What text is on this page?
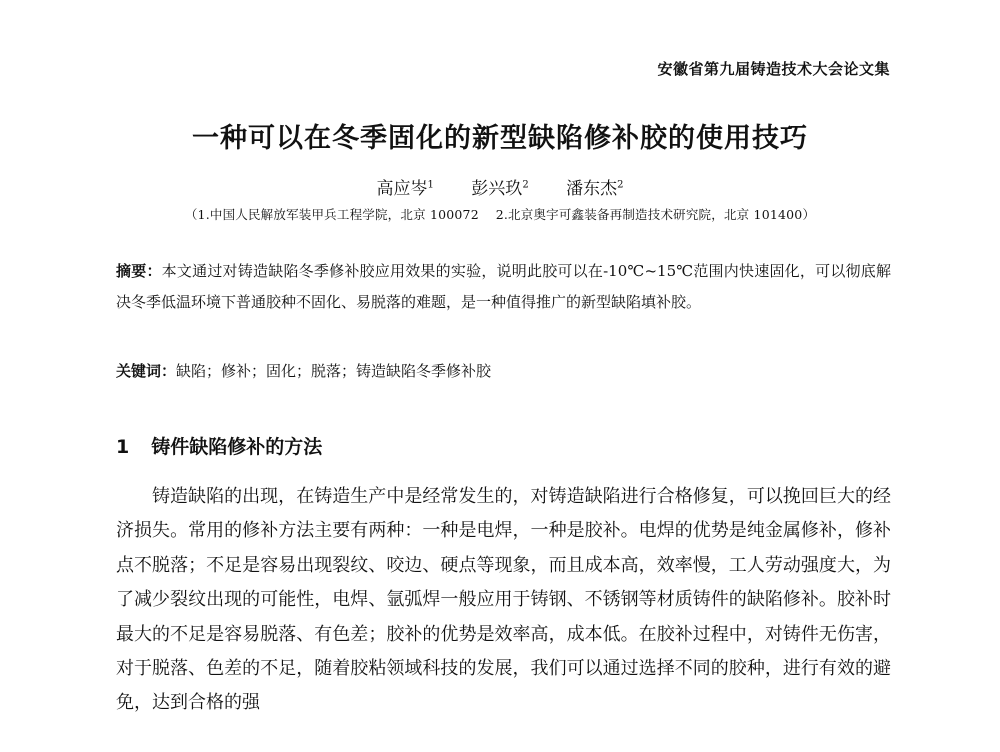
安徽省第九届铸造技术大会论文集
一种可以在冬季固化的新型缺陷修补胶的使用技巧
高应岑$^1$ 彭兴玖$^2$ 潘东杰$^2$
（1.中国人民解放军装甲兵工程学院，北京 100072　 2.北京奥宇可鑫装备再制造技术研究院，北京 101400）
摘要：本文通过对铸造缺陷冬季修补胶应用效果的实验，说明此胶可以在-10℃~15℃范围内快速固化，可以彻底解决冬季低温环境下普通胶种不固化、易脱落的难题，是一种值得推广的新型缺陷填补胶。
关键词：缺陷；修补；固化；脱落；铸造缺陷冬季修补胶
1 铸件缺陷修补的方法
铸造缺陷的出现，在铸造生产中是经常发生的，对铸造缺陷进行合格修复，可以挽回巨大的经济损失。常用的修补方法主要有两种：一种是电焊，一种是胶补。电焊的优势是纯金属修补，修补点不脱落；不足是容易出现裂纹、咬边、硬点等现象，而且成本高，效率慢，工人劳动强度大，为了减少裂纹出现的可能性，电焊、氩弧焊一般应用于铸钢、不锈钢等材质铸件的缺陷修补。胶补时最大的不足是容易脱落、有色差；胶补的优势是效率高，成本低。在胶补过程中，对铸件无伤害，对于脱落、色差的不足，随着胶粘领域科技的发展，我们可以通过选择不同的胶种，进行有效的避免，达到合格的强
